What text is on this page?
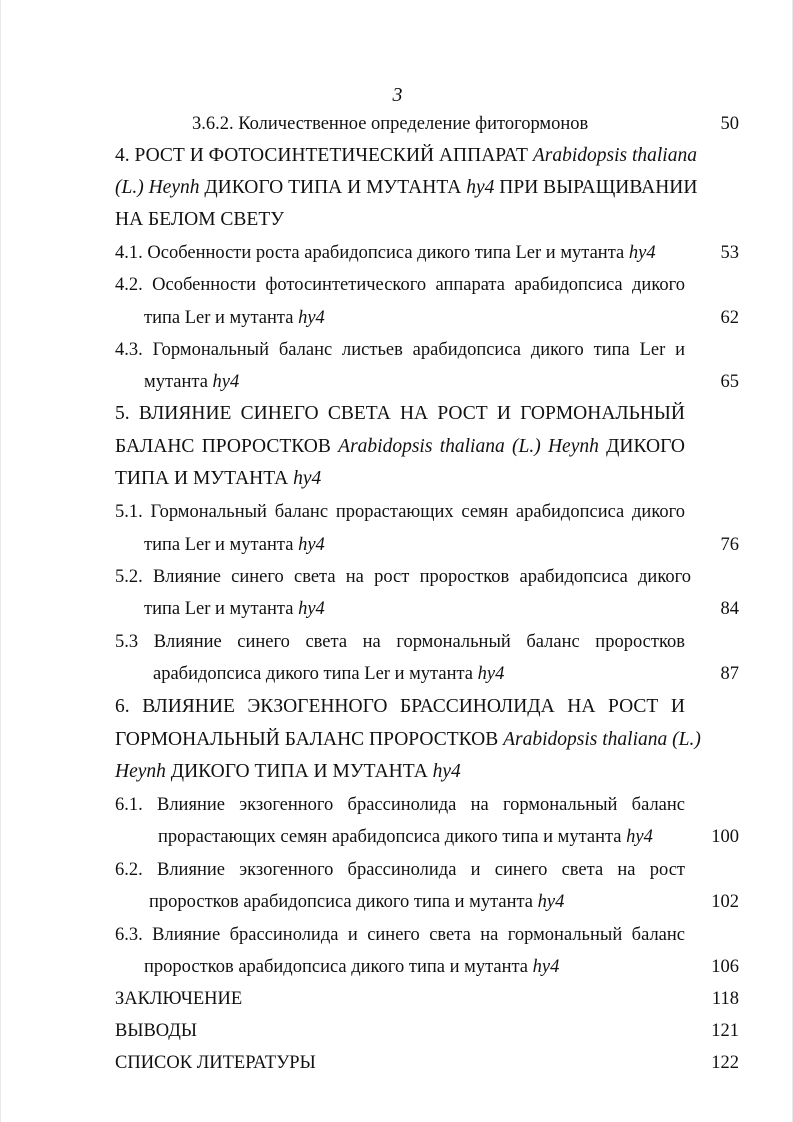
3
3.6.2. Количественное определение фитогормонов	50
4. РОСТ И ФОТОСИНТЕТИЧЕСКИЙ АППАРАТ Arabidopsis thaliana
(L.) Heynh ДИКОГО ТИПА И МУТАНТА hy4 ПРИ ВЫРАЩИВАНИИ
НА БЕЛОМ СВЕТУ
4.1. Особенности роста арабидопсиса дикого типа Ler и мутанта hy4	53
4.2. Особенности фотосинтетического аппарата арабидопсиса дикого
типа Ler и мутанта hy4	62
4.3. Гормональный баланс листьев арабидопсиса дикого типа Ler и
мутанта hy4	65
5. ВЛИЯНИЕ СИНЕГО СВЕТА НА РОСТ И ГОРМОНАЛЬНЫЙ
БАЛАНС ПРОРОСТКОВ Arabidopsis thaliana (L.) Heynh ДИКОГО
ТИПА И МУТАНТА hy4
5.1. Гормональный баланс прорастающих семян арабидопсиса дикого
типа Ler и мутанта hy4	76
5.2. Влияние синего света на рост проростков арабидопсиса дикого
типа Ler и мутанта hy4	84
5.3 Влияние синего света на гормональный баланс проростков
арабидопсиса дикого типа Ler и мутанта hy4	87
6. ВЛИЯНИЕ ЭКЗОГЕННОГО БРАССИНОЛИДА НА РОСТ И
ГОРМОНАЛЬНЫЙ БАЛАНС ПРОРОСТКОВ Arabidopsis thaliana (L.)
Heynh ДИКОГО ТИПА И МУТАНТА hy4
6.1. Влияние экзогенного брассинолида на гормональный баланс
прорастающих семян арабидопсиса дикого типа и мутанта hy4	100
6.2. Влияние экзогенного брассинолида и синего света на рост
проростков арабидопсиса дикого типа и мутанта hy4	102
6.3. Влияние брассинолида и синего света на гормональный баланс
проростков арабидопсиса дикого типа и мутанта hy4	106
ЗАКЛЮЧЕНИЕ	118
ВЫВОДЫ	121
СПИСОК ЛИТЕРАТУРЫ	122
